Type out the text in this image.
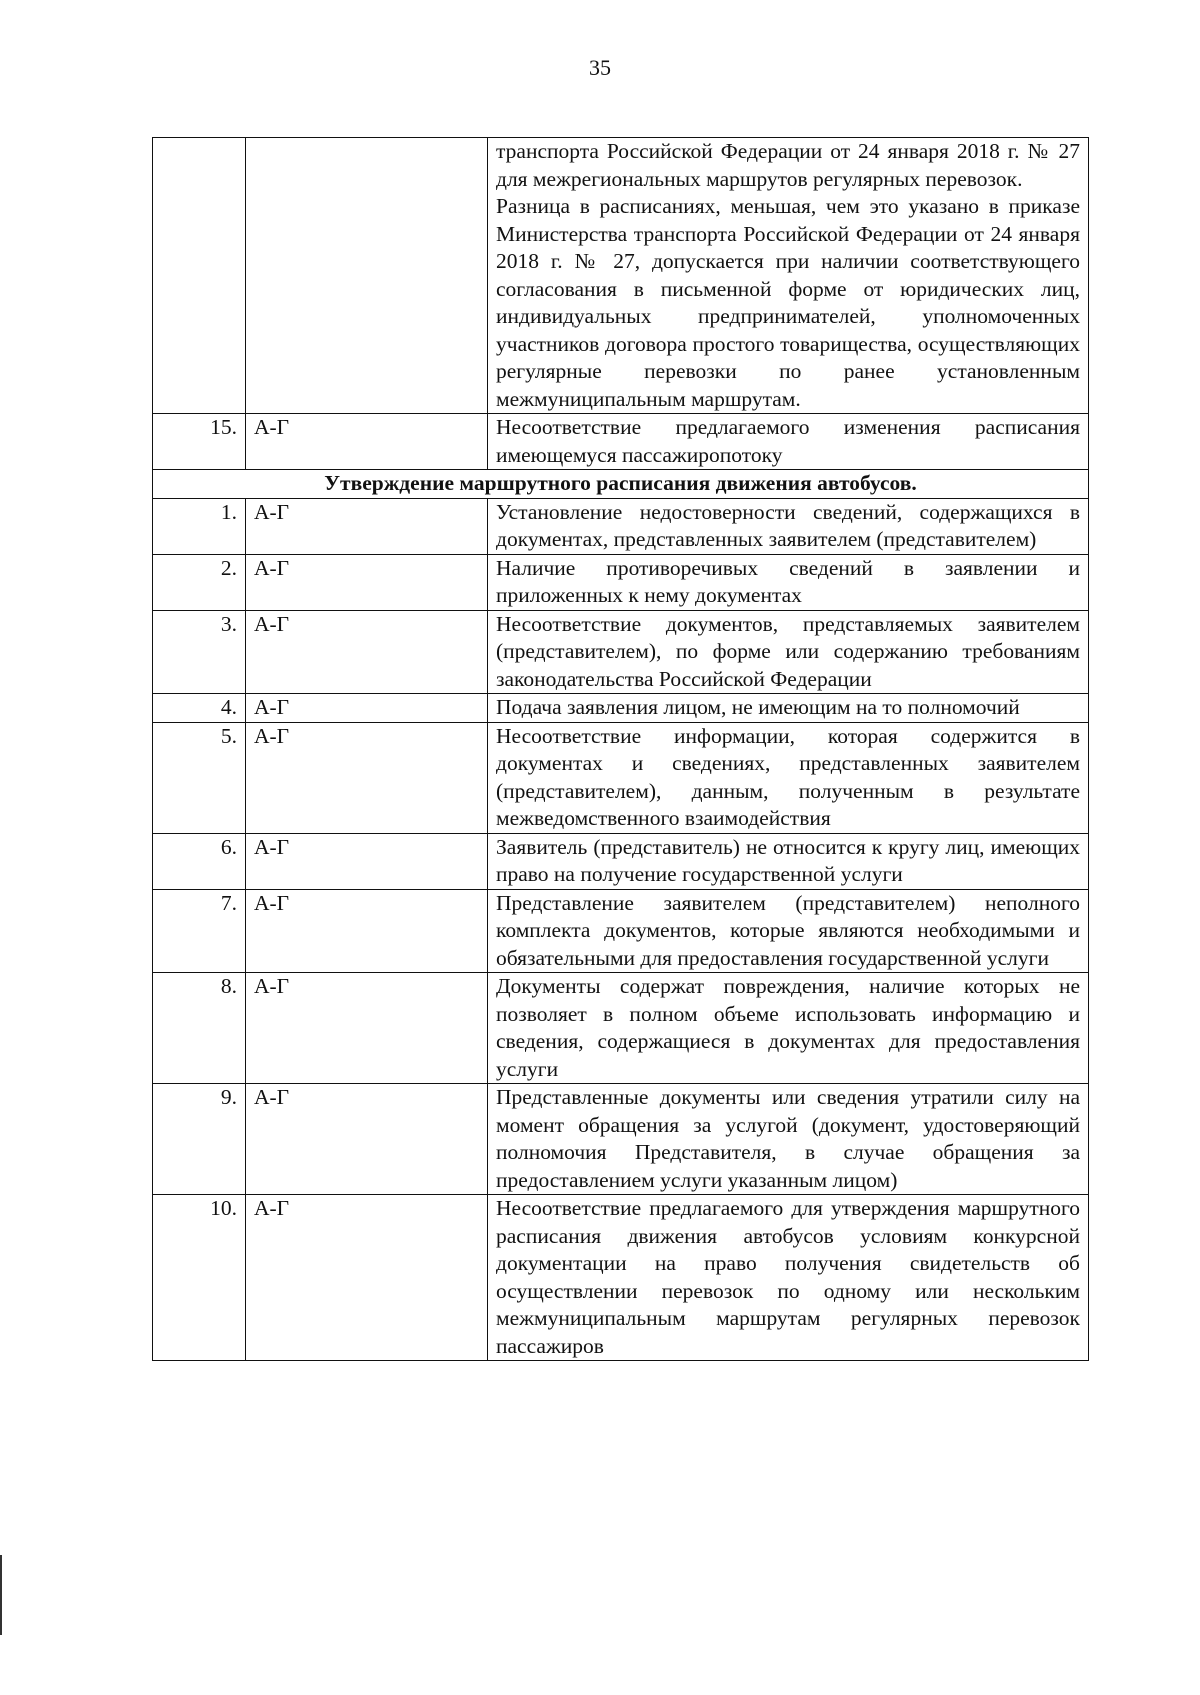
35

		транспорта Российской Федерации от 24 января 2018 г. № 27 для межрегиональных маршрутов регулярных перевозок.

Разница в расписаниях, меньшая, чем это указано в приказе Министерства транспорта Российской Федерации от 24 января 2018 г. № 27, допускается при наличии соответствующего согласования в письменной форме от юридических лиц, индивидуальных предпринимателей, уполномоченных участников договора простого товарищества, осуществляющих регулярные перевозки по ранее установленным межмуниципальным маршрутам.

15.	А-Г	Несоответствие предлагаемого изменения расписания имеющемуся пассажиропотоку
Утверждение маршрутного расписания движения автобусов.		
1.	А-Г	Установление недостоверности сведений, содержащихся в документах, представленных заявителем (представителем)
2.	А-Г	Наличие противоречивых сведений в заявлении и приложенных к нему документах
3.	А-Г	Несоответствие документов, представляемых заявителем (представителем), по форме или содержанию требованиям законодательства Российской Федерации
4.	А-Г	Подача заявления лицом, не имеющим на то полномочий
5.	А-Г	Несоответствие информации, которая содержится в документах и сведениях, представленных заявителем (представителем), данным, полученным в результате межведомственного взаимодействия
6.	А-Г	Заявитель (представитель) не относится к кругу лиц, имеющих право на получение государственной услуги
7.	А-Г	Представление заявителем (представителем) неполного комплекта документов, которые являются необходимыми и обязательными для предоставления государственной услуги
8.	А-Г	Документы содержат повреждения, наличие которых не позволяет в полном объеме использовать информацию и сведения, содержащиеся в документах для предоставления услуги
9.	А-Г	Представленные документы или сведения утратили силу на момент обращения за услугой (документ, удостоверяющий полномочия Представителя, в случае обращения за предоставлением услуги указанным лицом)
10.	А-Г	Несоответствие предлагаемого для утверждения маршрутного расписания движения автобусов условиям конкурсной документации на право получения свидетельств об осуществлении перевозок по одному или нескольким межмуниципальным маршрутам регулярных перевозок пассажиров
